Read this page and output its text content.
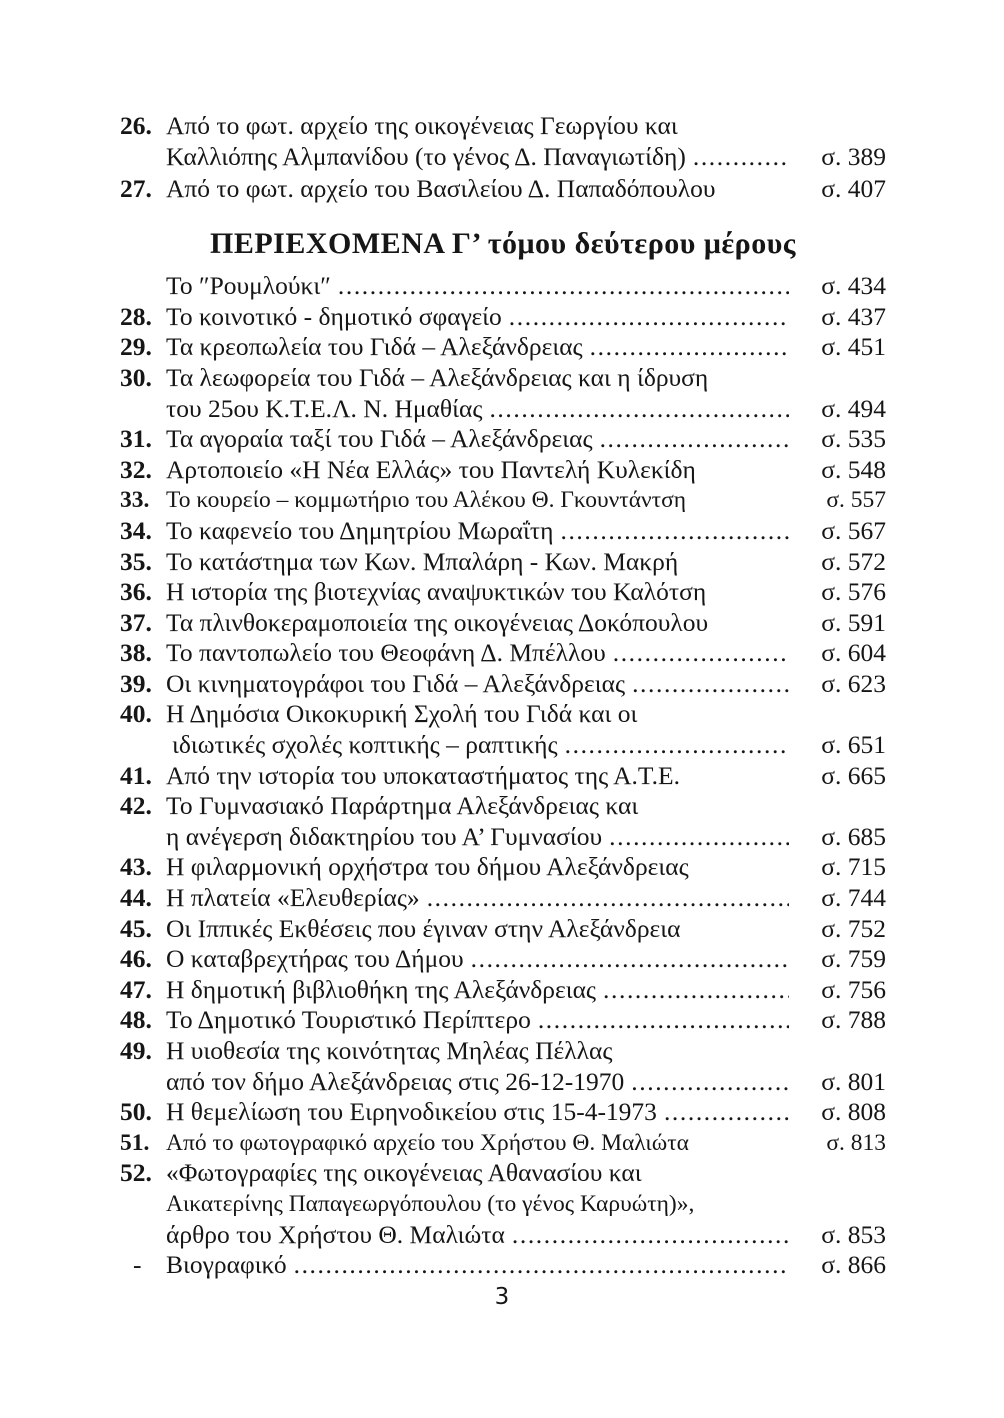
26. Από το φωτ. αρχείο της οικογένειας Γεωργίου και
Καλλιόπης Αλμπανίδου (το γένος Δ. Παναγιωτίδη) .....	σ. 389
27. Από το φωτ. αρχείο του Βασιλείου Δ. Παπαδόπουλου	σ. 407
ΠΕΡΙΕΧΟΜΕΝΑ Γ’ τόμου δεύτερου μέρους
Το ″Ρουμλούκι″ .....	σ. 434
28. Το κοινοτικό - δημοτικό σφαγείο .....	σ. 437
29. Τα κρεοπωλεία του Γιδά – Αλεξάνδρειας .....	σ. 451
30. Τα λεωφορεία του Γιδά – Αλεξάνδρειας και η ίδρυση
του 25ου Κ.Τ.Ε.Λ. Ν. Ημαθίας .....	σ. 494
31. Τα αγοραία ταξί του Γιδά – Αλεξάνδρειας .....	σ. 535
32. Αρτοποιείο «Η Νέα Ελλάς» του Παντελή Κυλεκίδη	σ. 548
33. Το κουρείο – κομμωτήριο του Αλέκου Θ. Γκουντάντση	σ. 557
34. Το καφενείο του Δημητρίου Μωραΐτη .....	σ. 567
35. Το κατάστημα των Κων. Μπαλάρη - Κων. Μακρή	σ. 572
36. Η ιστορία της βιοτεχνίας αναψυκτικών του Καλότση	σ. 576
37. Τα πλινθοκεραμοποιεία της οικογένειας Δοκόπουλου	σ. 591
38. Το παντοπωλείο του Θεοφάνη Δ. Μπέλλου .....	σ. 604
39. Οι κινηματογράφοι του Γιδά – Αλεξάνδρειας .....	σ. 623
40. Η Δημόσια Οικοκυρική Σχολή του Γιδά και οι
ιδιωτικές σχολές κοπτικής – ραπτικής .....	σ. 651
41. Από την ιστορία του υποκαταστήματος της Α.Τ.Ε.	σ. 665
42. Το Γυμνασιακό Παράρτημα Αλεξάνδρειας και
η ανέγερση διδακτηρίου του Α’ Γυμνασίου .....	σ. 685
43. Η φιλαρμονική ορχήστρα του δήμου Αλεξάνδρειας	σ. 715
44. Η πλατεία «Ελευθερίας» .....	σ. 744
45. Οι Ιππικές Εκθέσεις που έγιναν στην Αλεξάνδρεια	σ. 752
46. Ο καταβρεχτήρας του Δήμου .....	σ. 759
47. Η δημοτική βιβλιοθήκη της Αλεξάνδρειας .....	σ. 756
48. Το Δημοτικό Τουριστικό Περίπτερο .....	σ. 788
49. Η υιοθεσία της κοινότητας Μηλέας Πέλλας
από τον δήμο Αλεξάνδρειας στις 26-12-1970 .....	σ. 801
50. Η θεμελίωση του Ειρηνοδικείου στις 15-4-1973 .....	σ. 808
51. Από το φωτογραφικό αρχείο του Χρήστου Θ. Μαλιώτα	σ. 813
52. «Φωτογραφίες της οικογένειας Αθανασίου και
Αικατερίνης Παπαγεωργόπουλου (το γένος Καρυώτη)»,
άρθρο του Χρήστου Θ. Μαλιώτα .....	σ. 853
- Βιογραφικό .....	σ. 866
3
